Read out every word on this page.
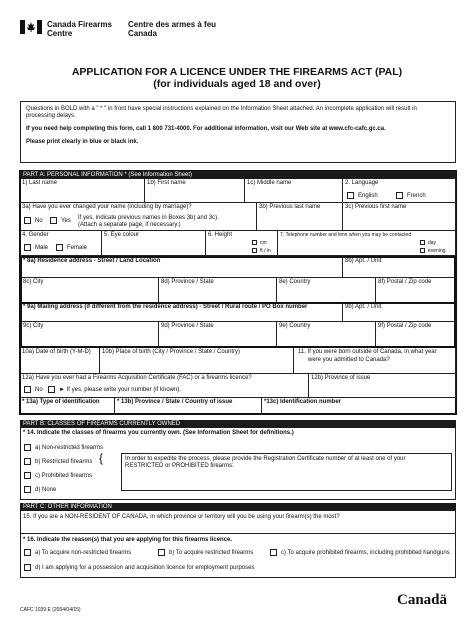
Canada Firearms
Centre
Centre des armes à feu
Canada
APPLICATION FOR A LICENCE UNDER THE FIREARMS ACT (PAL)
(for individuals aged 18 and over)
Questions in BOLD with a " * " in front have special instructions explained on the Information Sheet attached. An incomplete application will result in
processing delays.
If you need help completing this form, call 1 800 731-4000. For additional information, visit our Web site at www.cfc-cafc.gc.ca.
Please print clearly in blue or black ink.
PART A: PERSONAL INFORMATION * (See Information Sheet)
1) Last name	1b) First name	1c) Middle name	2. Language
English	French
3a) Have you ever changed your name (including by marriage)?
No	Yes If yes, indicate previous names in Boxes 3b) and 3c).
(Attach a separate page, if necessary.)
3b) Previous last name	3c) Previous first name
4. Gender
Male	Female
5. Eye colour	6. Height
cm
ft / in
7. Telephone number and time when you may be contacted
day
evening
* 8a) Residence address - Street / Land Location	8b) Apt. / Unit
8c) City	8d) Province / State	8e) Country	8f) Postal / Zip code
* 9a) Mailing address (if different from the residence address) - Street / Rural route / PO Box number	9b) Apt. / Unit
9c) City	9d) Province / State	9e) Country	9f) Postal / Zip code
10a) Date of birth (Y-M-D)	10b) Place of birth (City / Province / State / Country)	11. If you were born outside of Canada, in what year
were you admitted to Canada?
12a) Have you ever had a Firearms Acquisition Certificate (FAC) or a firearms licence?
No	► If yes, please write your number (if known).
12b) Province of issue
* 13a) Type of identification	* 13b) Province / State / Country of issue	*13c) Identification number
PART B: CLASSES OF FIREARMS CURRENTLY OWNED
* 14. Indicate the classes of firearms you currently own. (See Information Sheet for definitions.)
a) Non-restricted firearms
b) Restricted firearms
c) Prohibited firearms
d) None
{	In order to expedite the process, please provide the Registration Certificate number of at least one of your
RESTRICTED or PROHIBITED firearms:
PART C: OTHER INFORMATION
15. If you are a NON-RESIDENT OF CANADA, in which province or territory will you be using your firearm(s) the most?
* 16. Indicate the reason(s) that you are applying for this firearms licence.
a) To acquire non-restricted firearms	b) To acquire restricted firearms	c) To acquire prohibited firearms, including prohibited handguns
d) I am applying for a possession and acquisition licence for employment purposes
CAFC 1039 E (2004/04/15)
Canadä
